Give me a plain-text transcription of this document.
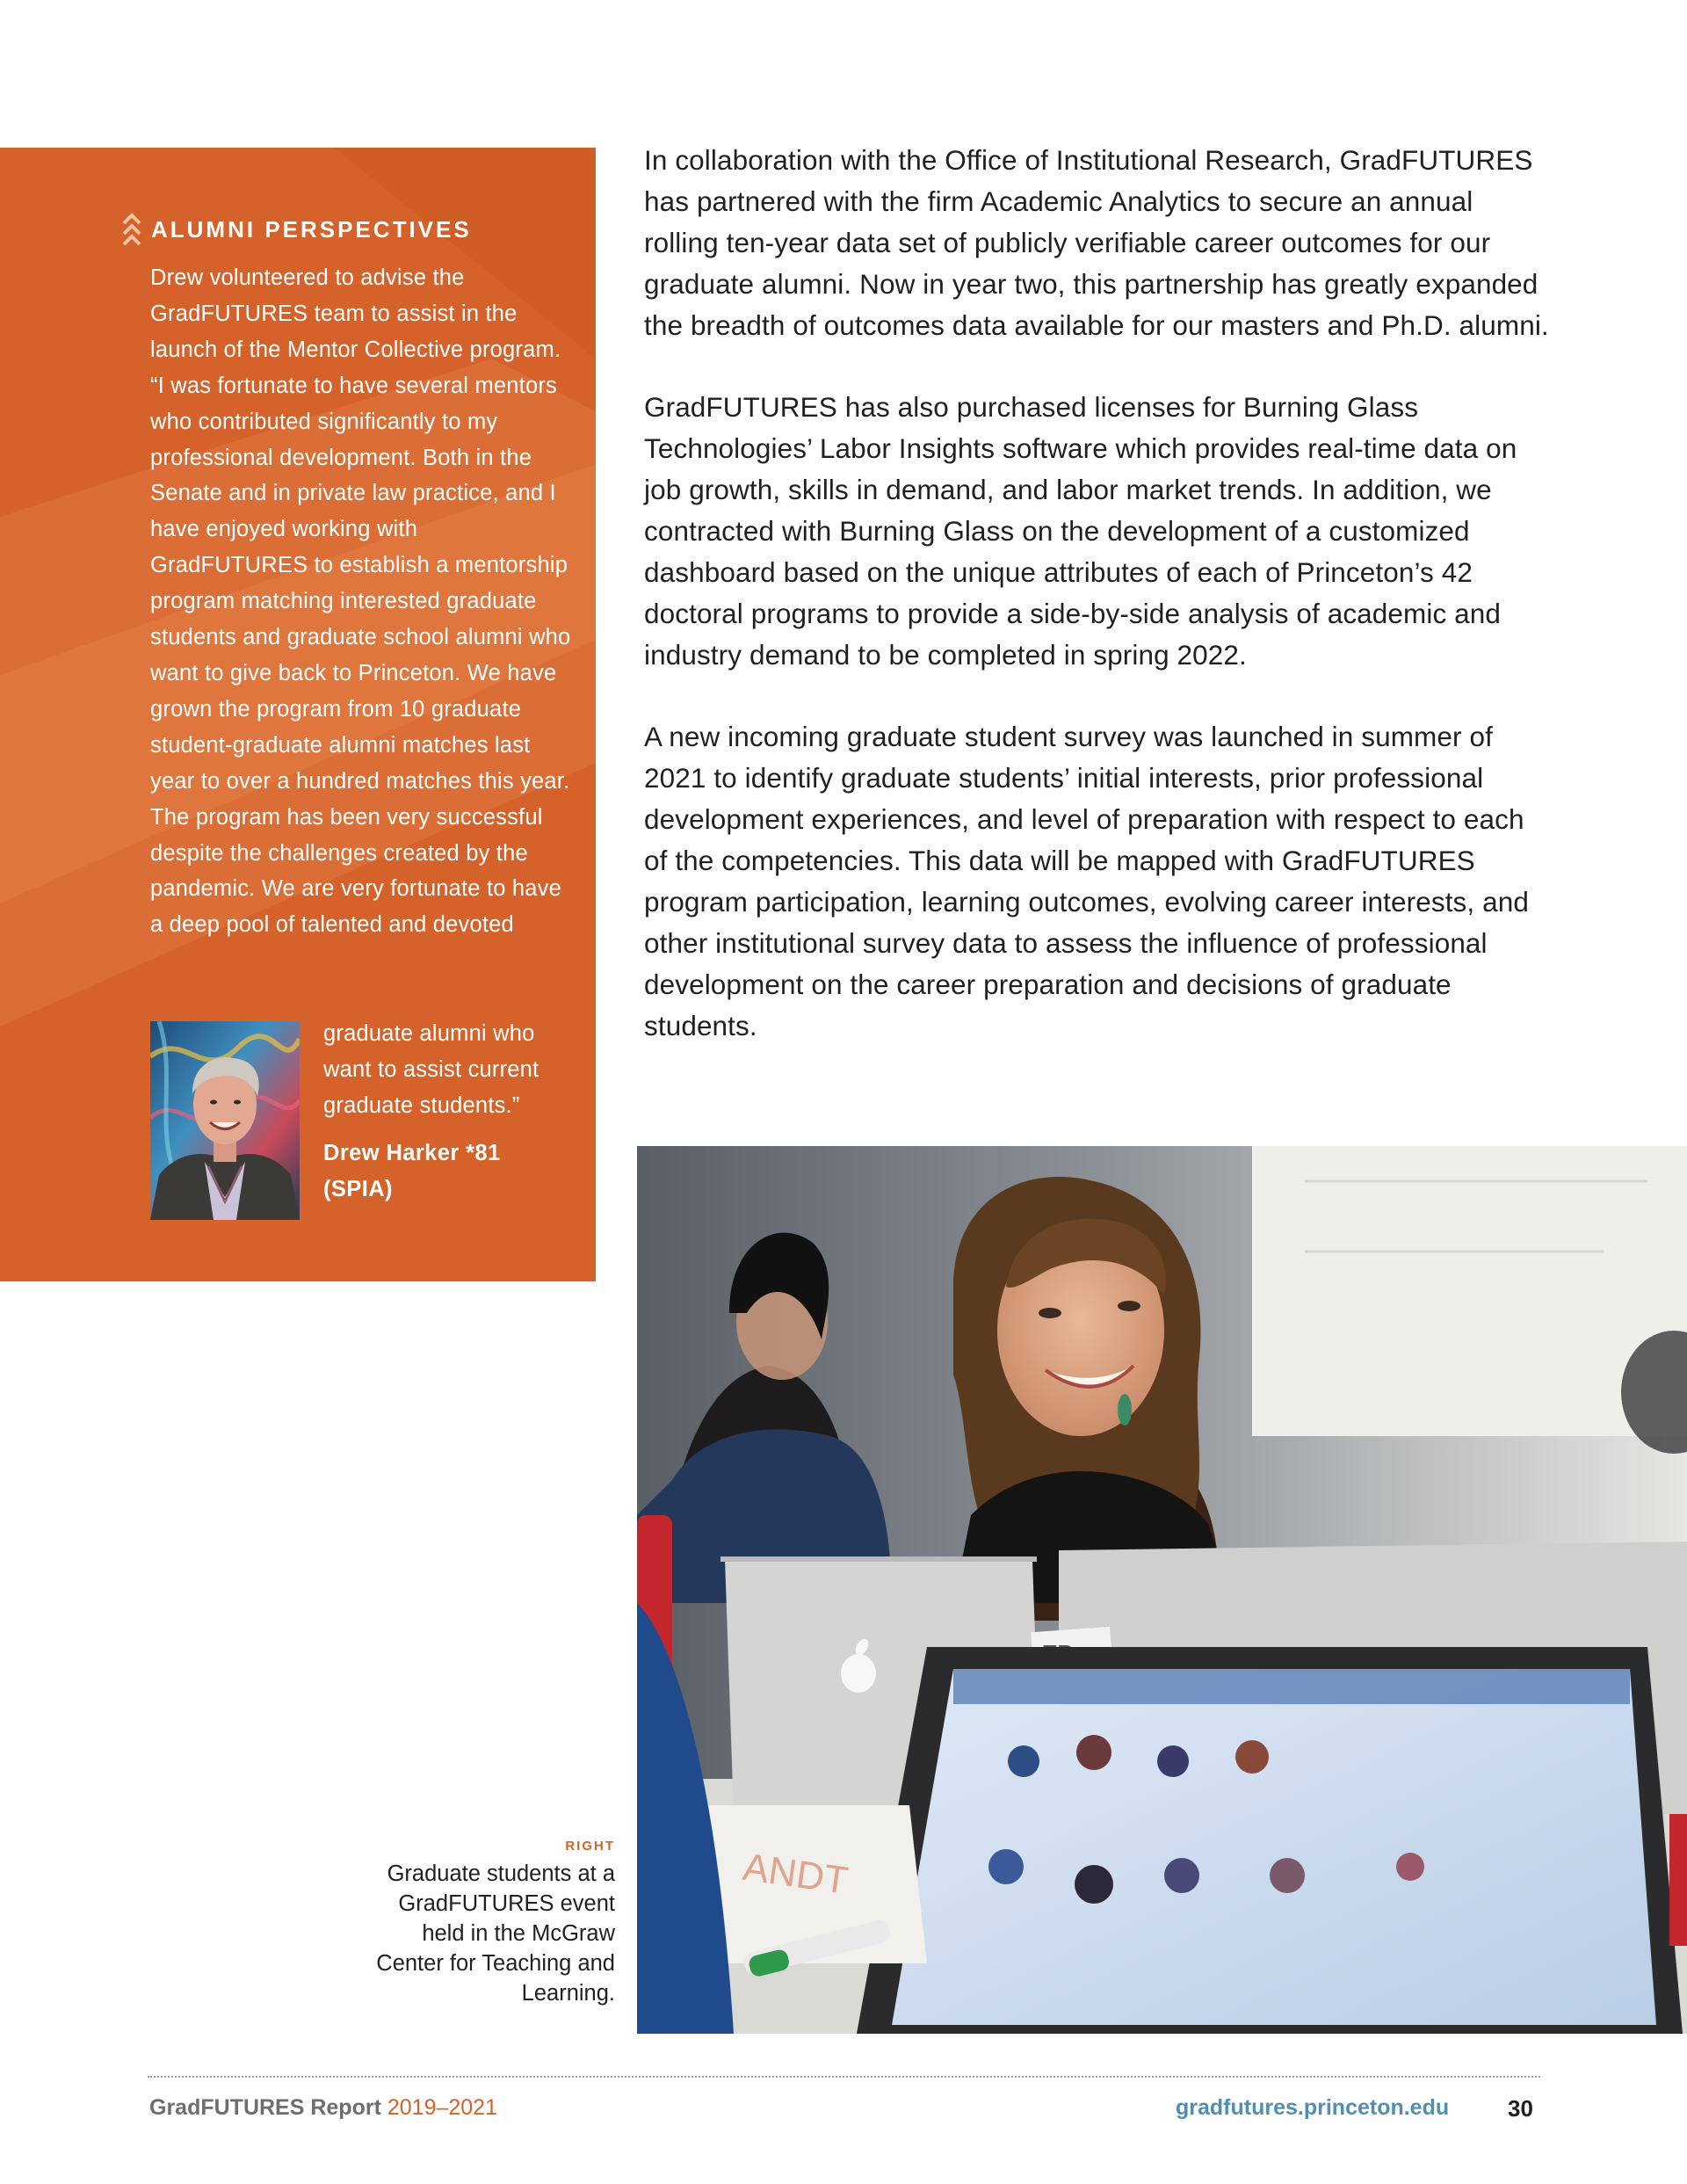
ALUMNI PERSPECTIVES
Drew volunteered to advise the GradFUTURES team to assist in the launch of the Mentor Collective program. “I was fortunate to have several mentors who contributed significantly to my professional development. Both in the Senate and in private law practice, and I have enjoyed working with GradFUTURES to establish a mentorship program matching interested graduate students and graduate school alumni who want to give back to Princeton. We have grown the program from 10 graduate student-graduate alumni matches last year to over a hundred matches this year. The program has been very successful despite the challenges created by the pandemic. We are very fortunate to have a deep pool of talented and devoted
graduate alumni who want to assist current graduate students.”
Drew Harker *81
(SPIA)

In collaboration with the Office of Institutional Research, GradFUTURES has partnered with the firm Academic Analytics to secure an annual rolling ten-year data set of publicly verifiable career outcomes for our graduate alumni. Now in year two, this partnership has greatly expanded the breadth of outcomes data available for our masters and Ph.D. alumni.

GradFUTURES has also purchased licenses for Burning Glass Technologies’ Labor Insights software which provides real-time data on job growth, skills in demand, and labor market trends. In addition, we contracted with Burning Glass on the development of a customized dashboard based on the unique attributes of each of Princeton’s 42 doctoral programs to provide a side-by-side analysis of academic and industry demand to be completed in spring 2022.

A new incoming graduate student survey was launched in summer of 2021 to identify graduate students’ initial interests, prior professional development experiences, and level of preparation with respect to each of the competencies. This data will be mapped with GradFUTURES program participation, learning outcomes, evolving career interests, and other institutional survey data to assess the influence of professional development on the career preparation and decisions of graduate students.

ANDT
RIGHT
Graduate students at a GradFUTURES event held in the McGraw Center for Teaching and Learning.
GradFUTURES Report 2019–2021	gradfutures.princeton.edu	30
